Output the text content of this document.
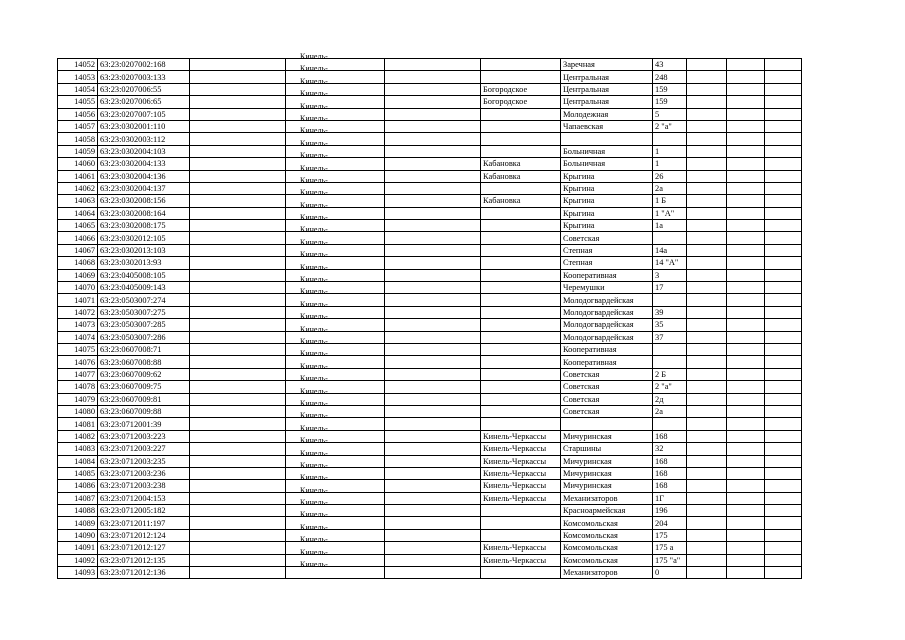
14052	63:23:0207002:168		Кинель-...			Заречная	43			
14053	63:23:0207003:133		Кинель-...			Центральная	248			
14054	63:23:0207006:55		Кинель-...		Богородское	Центральная	159			
14055	63:23:0207006:65		Кинель-...		Богородское	Центральная	159			
14056	63:23:0207007:105		Кинель-...			Молодежная	5			
14057	63:23:0302001:110		Кинель-...			Чапаевская	2 "а"			
14058	63:23:0302003:112		Кинель-...							

14059	63:23:0302004:103		Кинель-...			Больничная	1			
14060	63:23:0302004:133		Кинель-...		Кабановка	Больничная	1			
14061	63:23:0302004:136		Кинель-...		Кабановка	Крыгина	26			
14062	63:23:0302004:137		Кинель-...			Крыгина	2а			
14063	63:23:0302008:156		Кинель-...		Кабановка	Крыгина	1 Б			
14064	63:23:0302008:164		Кинель-...			Крыгина	1 "А"			
14065	63:23:0302008:175		Кинель-...			Крыгина	1а			
14066	63:23:0302012:105		Кинель-...			Советская				
14067	63:23:0302013:103		Кинель-...			Степная	14а			
14068	63:23:0302013:93		Кинель-...			Степная	14 "А"			
14069	63:23:0405008:105		Кинель-...			Кооперативная	3			
14070	63:23:0405009:143		Кинель-...			Черемушки	17			
14071	63:23:0503007:274		Кинель-...			Молодогвардейская				
14072	63:23:0503007:275		Кинель-...			Молодогвардейская	39			
14073	63:23:0503007:285		Кинель-...			Молодогвардейская	35			
14074	63:23:0503007:286		Кинель-...			Молодогвардейская	37			
14075	63:23:0607008:71		Кинель-...			Кооперативная				
14076	63:23:0607008:88		Кинель-...			Кооперативная				
14077	63:23:0607009:62		Кинель-...			Советская	2 Б			
14078	63:23:0607009:75		Кинель-...			Советская	2 "а"			
14079	63:23:0607009:81		Кинель-...			Советская	2д			
14080	63:23:0607009:88		Кинель-...			Советская	2а			
14081	63:23:0712001:39		Кинель-...							

14082	63:23:0712003:223		Кинель-...		Кинель-Черкассы	Мичуринская	168			
14083	63:23:0712003:227		Кинель-...		Кинель-Черкассы	Старшины	32			
14084	63:23:0712003:235		Кинель-...		Кинель-Черкассы	Мичуринская	168			
14085	63:23:0712003:236		Кинель-...		Кинель-Черкассы	Мичуринская	168			
14086	63:23:0712003:238		Кинель-...		Кинель-Черкассы	Мичуринская	168			
14087	63:23:0712004:153		Кинель-...		Кинель-Черкассы	Механизаторов	1Г			
14088	63:23:0712005:182		Кинель-...			Красноармейская	196			
14089	63:23:0712011:197		Кинель-...			Комсомольская	204			
14090	63:23:0712012:124		Кинель-...			Комсомольская	175			
14091	63:23:0712012:127		Кинель-...		Кинель-Черкассы	Комсомольская	175 а			
14092	63:23:0712012:135		Кинель-...		Кинель-Черкассы	Комсомольская	175 "а"			
14093	63:23:0712012:136		Кинель-...			Механизаторов	0			
